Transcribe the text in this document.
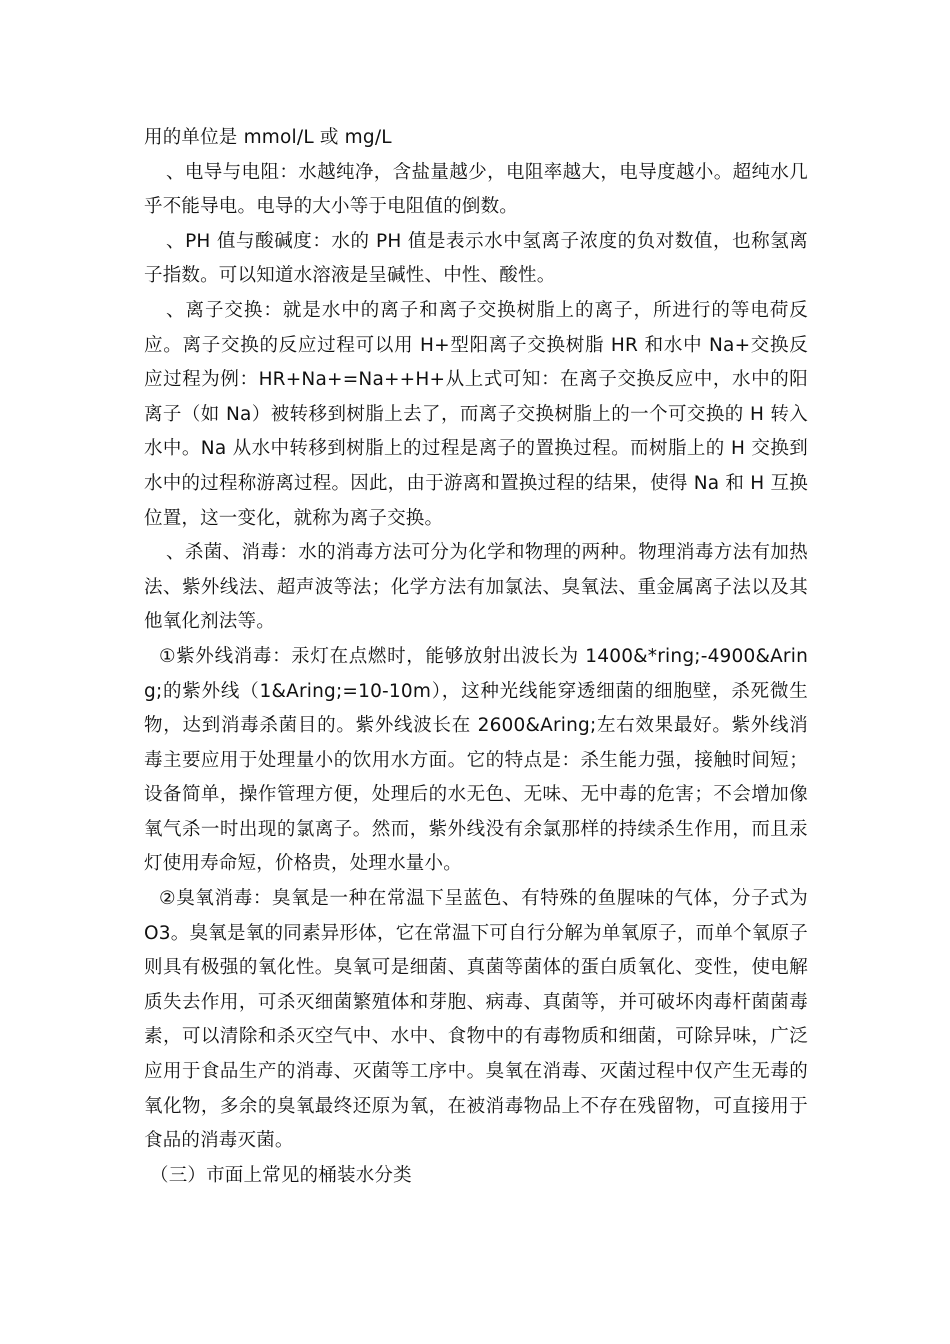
用的单位是 mmol/L 或 mg/L

、电导与电阻：水越纯净，含盐量越少，电阻率越大，电导度越小。超纯水几乎不能导电。电导的大小等于电阻值的倒数。

、PH 值与酸碱度：水的 PH 值是表示水中氢离子浓度的负对数值，也称氢离子指数。可以知道水溶液是呈碱性、中性、酸性。

、离子交换：就是水中的离子和离子交换树脂上的离子，所进行的等电荷反应。离子交换的反应过程可以用 H+型阳离子交换树脂 HR 和水中 Na+交换反应过程为例：HR+Na+=Na++H+从上式可知：在离子交换反应中，水中的阳离子（如 Na）被转移到树脂上去了，而离子交换树脂上的一个可交换的 H 转入水中。Na 从水中转移到树脂上的过程是离子的置换过程。而树脂上的 H 交换到水中的过程称游离过程。因此，由于游离和置换过程的结果，使得 Na 和 H 互换位置，这一变化，就称为离子交换。

、杀菌、消毒：水的消毒方法可分为化学和物理的两种。物理消毒方法有加热法、紫外线法、超声波等法；化学方法有加氯法、臭氧法、重金属离子法以及其他氧化剂法等。

①紫外线消毒：汞灯在点燃时，能够放射出波长为 1400&*ring;-4900&Aring;的紫外线（1&Aring;=10-10m），这种光线能穿透细菌的细胞壁，杀死微生物，达到消毒杀菌目的。紫外线波长在 2600&Aring;左右效果最好。紫外线消毒主要应用于处理量小的饮用水方面。它的特点是：杀生能力强，接触时间短；设备简单，操作管理方便，处理后的水无色、无味、无中毒的危害；不会增加像氧气杀一时出现的氯离子。然而，紫外线没有余氯那样的持续杀生作用，而且汞灯使用寿命短，价格贵，处理水量小。

②臭氧消毒：臭氧是一种在常温下呈蓝色、有特殊的鱼腥味的气体，分子式为 O3。臭氧是氧的同素异形体，它在常温下可自行分解为单氧原子，而单个氧原子则具有极强的氧化性。臭氧可是细菌、真菌等菌体的蛋白质氧化、变性，使电解质失去作用，可杀灭细菌繁殖体和芽胞、病毒、真菌等，并可破坏肉毒杆菌菌毒素，可以清除和杀灭空气中、水中、食物中的有毒物质和细菌，可除异味，广泛应用于食品生产的消毒、灭菌等工序中。臭氧在消毒、灭菌过程中仅产生无毒的氧化物，多余的臭氧最终还原为氧，在被消毒物品上不存在残留物，可直接用于食品的消毒灭菌。

（三）市面上常见的桶装水分类
